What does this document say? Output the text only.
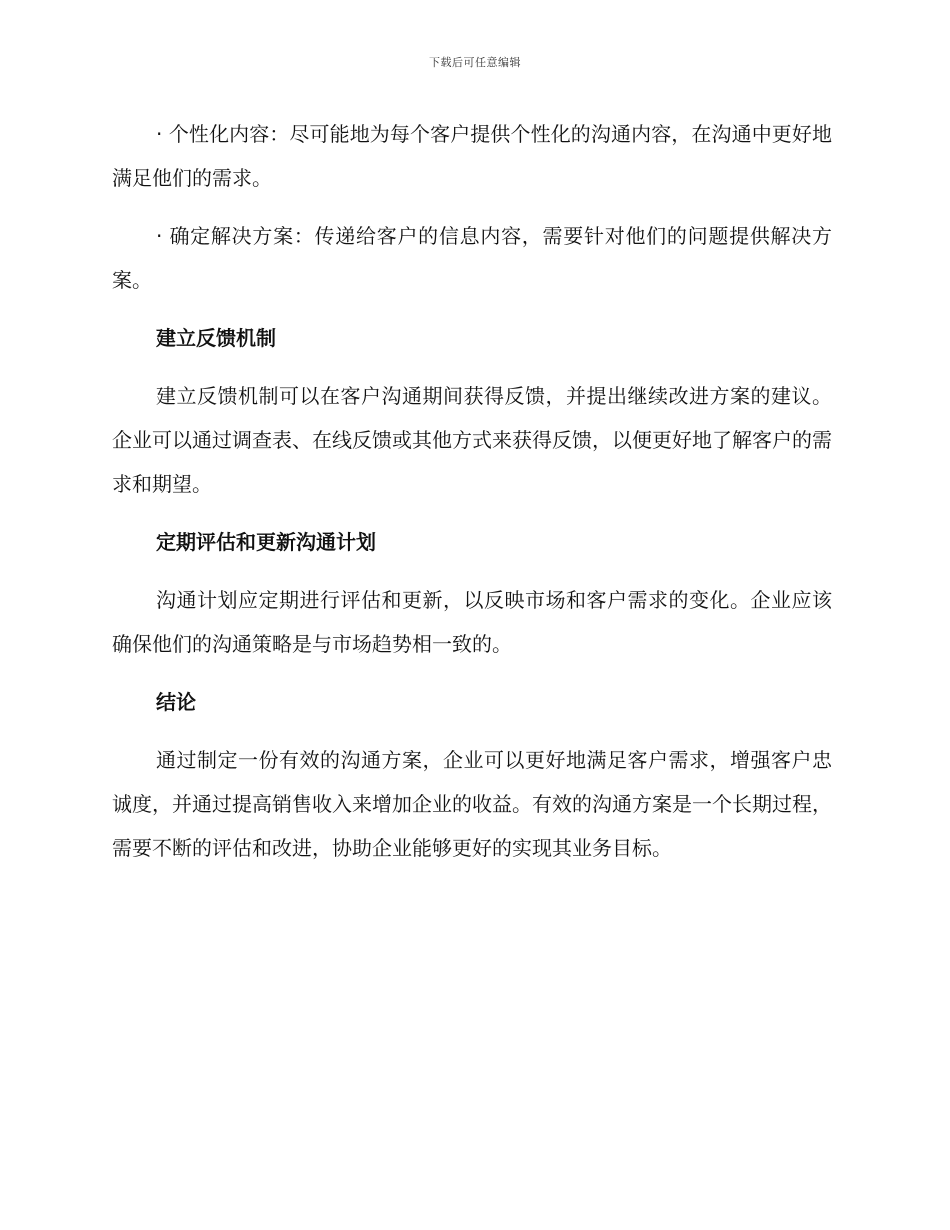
下载后可任意编辑

· 个性化内容：尽可能地为每个客户提供个性化的沟通内容，在沟通中更好地满足他们的需求。

· 确定解决方案：传递给客户的信息内容，需要针对他们的问题提供解决方案。

建立反馈机制

建立反馈机制可以在客户沟通期间获得反馈，并提出继续改进方案的建议。企业可以通过调查表、在线反馈或其他方式来获得反馈，以便更好地了解客户的需求和期望。

定期评估和更新沟通计划

沟通计划应定期进行评估和更新，以反映市场和客户需求的变化。企业应该确保他们的沟通策略是与市场趋势相一致的。

结论

通过制定一份有效的沟通方案，企业可以更好地满足客户需求，增强客户忠诚度，并通过提高销售收入来增加企业的收益。有效的沟通方案是一个长期过程，需要不断的评估和改进，协助企业能够更好的实现其业务目标。
